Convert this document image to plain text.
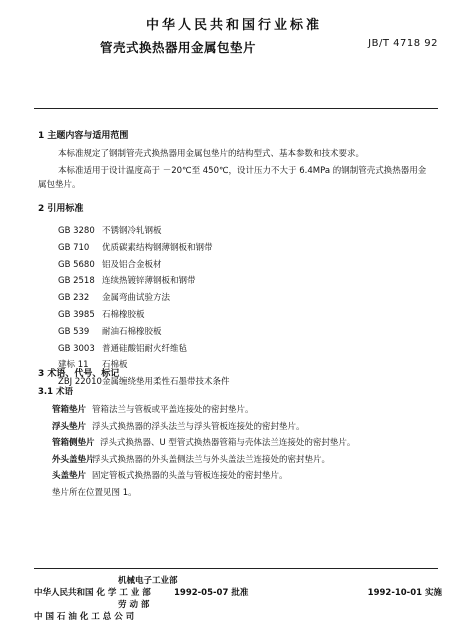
中华人民共和国行业标准
管壳式换热器用金属包垫片	JB/T 4718 92
1 主题内容与适用范围
本标准规定了钢制管壳式换热器用金属包垫片的结构型式、基本参数和技术要求。
本标准适用于设计温度高于 －20℃至 450℃，设计压力不大于 6.4MPa 的钢制管壳式换热器用金
属包垫片。
2 引用标准
GB 3280 不锈钢冷轧钢板
GB 710 优质碳素结构钢薄钢板和钢带
GB 5680 铝及铝合金板材
GB 2518 连续热镀锌薄钢板和钢带
GB 232 金属弯曲试验方法
GB 3985 石棉橡胶板
GB 539 耐油石棉橡胶板
GB 3003 普通硅酸铝耐火纤维毡
建标 11 石棉板
ZBJ 22010金属缠绕垫用柔性石墨带技术条件
3 术语、代号、标记
3.1 术语
管箱垫片 管箱法兰与管板或平盖连接处的密封垫片。
浮头垫片 浮头式换热器的浮头法兰与浮头管板连接处的密封垫片。
管箱侧垫片 浮头式换热器、U 型管式换热器管箱与壳体法兰连接处的密封垫片。
外头盖垫片浮头式换热器的外头盖侧法兰与外头盖法兰连接处的密封垫片。
头盖垫片 固定管板式换热器的头盖与管板连接处的密封垫片。
垫片所在位置见图 1。
机械电子工业部
中华人民共和国 化 学 工 业 部	1992-05-07 批准
劳 动 部
中 国 石 油 化 工 总 公 司
1992-10-01 实施
